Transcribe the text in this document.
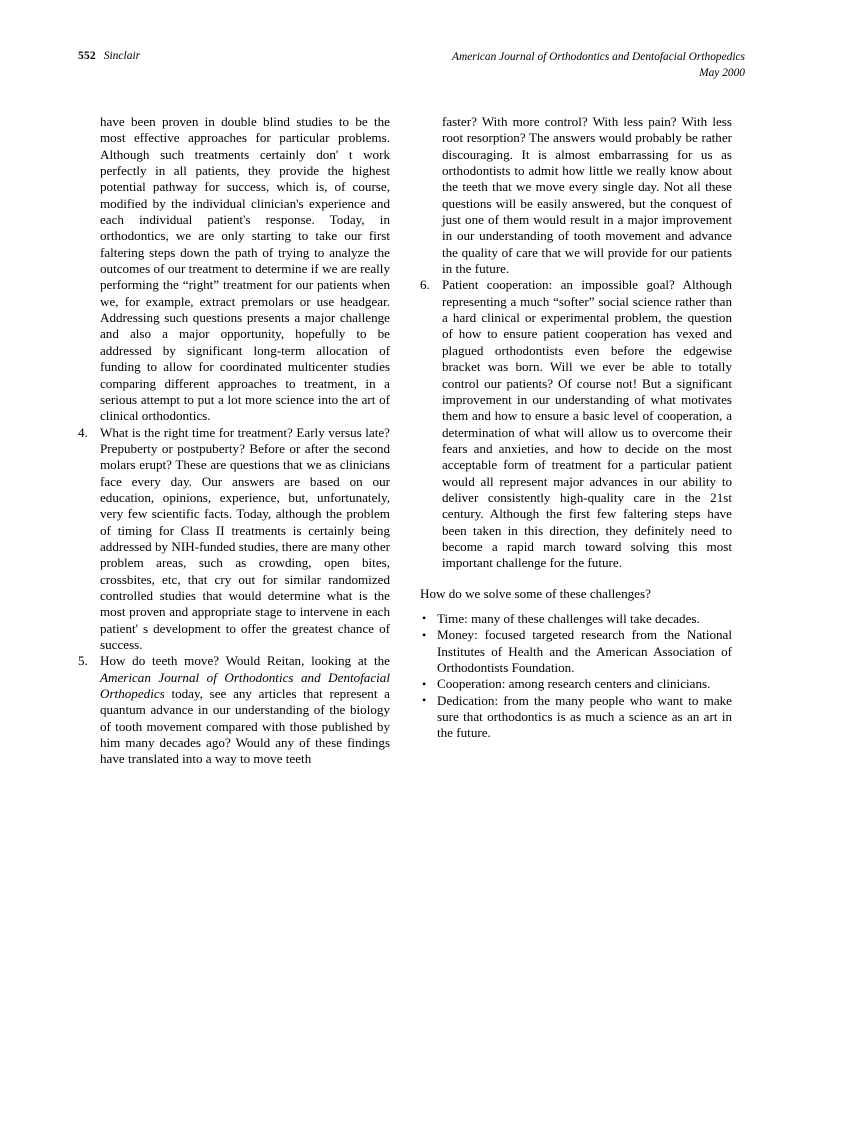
552 Sinclair	American Journal of Orthodontics and Dentofacial Orthopedics
May 2000

have been proven in double blind studies to be the most effective approaches for particular problems. Although such treatments certainly don' t work perfectly in all patients, they provide the highest potential pathway for success, which is, of course, modified by the individual clinician's experience and each individual patient's response. Today, in orthodontics, we are only starting to take our first faltering steps down the path of trying to analyze the outcomes of our treatment to determine if we are really performing the “right” treatment for our patients when we, for example, extract premolars or use headgear. Addressing such questions presents a major challenge and also a major opportunity, hopefully to be addressed by significant long-term allocation of funding to allow for coordinated multicenter studies comparing different approaches to treatment, in a serious attempt to put a lot more science into the art of clinical orthodontics.

4. What is the right time for treatment? Early versus late? Prepuberty or postpuberty? Before or after the second molars erupt? These are questions that we as clinicians face every day. Our answers are based on our education, opinions, experience, but, unfortunately, very few scientific facts. Today, although the problem of timing for Class II treatments is certainly being addressed by NIH-funded studies, there are many other problem areas, such as crowding, open bites, crossbites, etc, that cry out for similar randomized controlled studies that would determine what is the most proven and appropriate stage to intervene in each patient' s development to offer the greatest chance of success.
5. How do teeth move? Would Reitan, looking at the American Journal of Orthodontics and Dentofacial Orthopedics today, see any articles that represent a quantum advance in our understanding of the biology of tooth movement compared with those published by him many decades ago? Would any of these findings have translated into a way to move teeth

faster? With more control? With less pain? With less root resorption? The answers would probably be rather discouraging. It is almost embarrassing for us as orthodontists to admit how little we really know about the teeth that we move every single day. Not all these questions will be easily answered, but the conquest of just one of them would result in a major improvement in our understanding of tooth movement and advance the quality of care that we will provide for our patients in the future.

6. Patient cooperation: an impossible goal? Although representing a much “softer” social science rather than a hard clinical or experimental problem, the question of how to ensure patient cooperation has vexed and plagued orthodontists even before the edgewise bracket was born. Will we ever be able to totally control our patients? Of course not! But a significant improvement in our understanding of what motivates them and how to ensure a basic level of cooperation, a determination of what will allow us to overcome their fears and anxieties, and how to decide on the most acceptable form of treatment for a particular patient would all represent major advances in our ability to deliver consistently high-quality care in the 21st century. Although the first few faltering steps have been taken in this direction, they definitely need to become a rapid march toward solving this most important challenge for the future.

How do we solve some of these challenges?

• Time: many of these challenges will take decades.
• Money: focused targeted research from the National Institutes of Health and the American Association of Orthodontists Foundation.
• Cooperation: among research centers and clinicians.
• Dedication: from the many people who want to make sure that orthodontics is as much a science as an art in the future.
